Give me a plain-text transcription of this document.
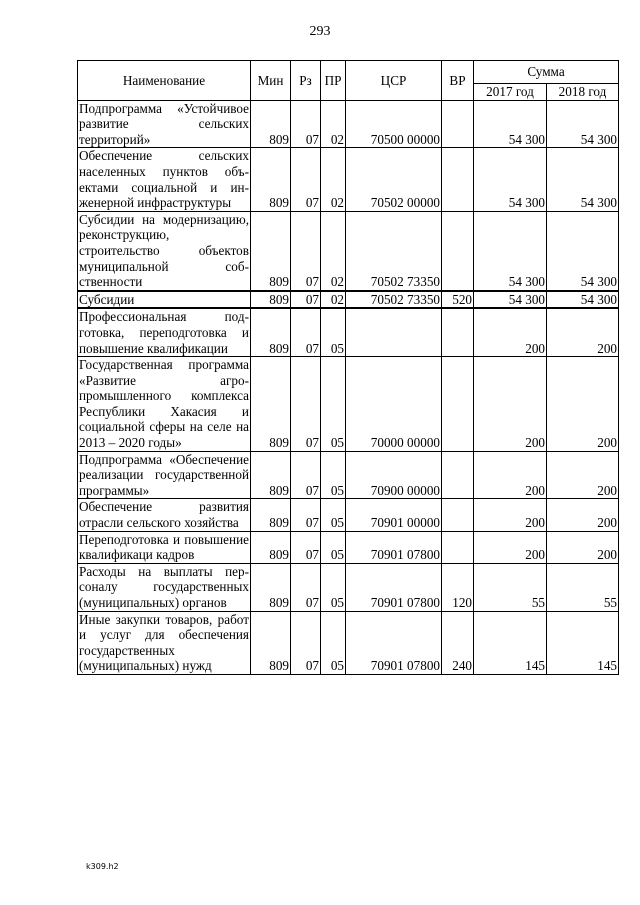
293
Наименование	Мин	Рз	ПР	ЦСР	ВР	Сумма	
						2017 год	2018 год
Подпрограмма «Устойчивое развитие сельских территорий»	809	07	02	70500 00000		54 300	54 300
Обеспечение сельских населенных пунктов объектами социальной и инженерной инфраструктуры	809	07	02	70502 00000		54 300	54 300
Субсидии на модернизацию, реконструкцию, строительство объектов муниципальной собственности	809	07	02	70502 73350		54 300	54 300
Субсидии	809	07	02	70502 73350	520	54 300	54 300
Профессиональная подготовка, переподготовка и повышение квалификации	809	07	05			200	200
Государственная программа «Развитие агропромышленного комплекса Республики Хакасия и социальной сферы на селе на 2013 – 2020 годы»	809	07	05	70000 00000		200	200
Подпрограмма «Обеспечение реализации государственной программы»	809	07	05	70900 00000		200	200
Обеспечение развития отрасли сельского хозяйства	809	07	05	70901 00000		200	200
Переподготовка и повышение квалификаци кадров	809	07	05	70901 07800		200	200
Расходы на выплаты персоналу государственных (муниципальных) органов	809	07	05	70901 07800	120	55	55
Иные закупки товаров, работ и услуг для обеспечения государственных (муниципальных) нужд	809	07	05	70901 07800	240	145	145
k309.h2
